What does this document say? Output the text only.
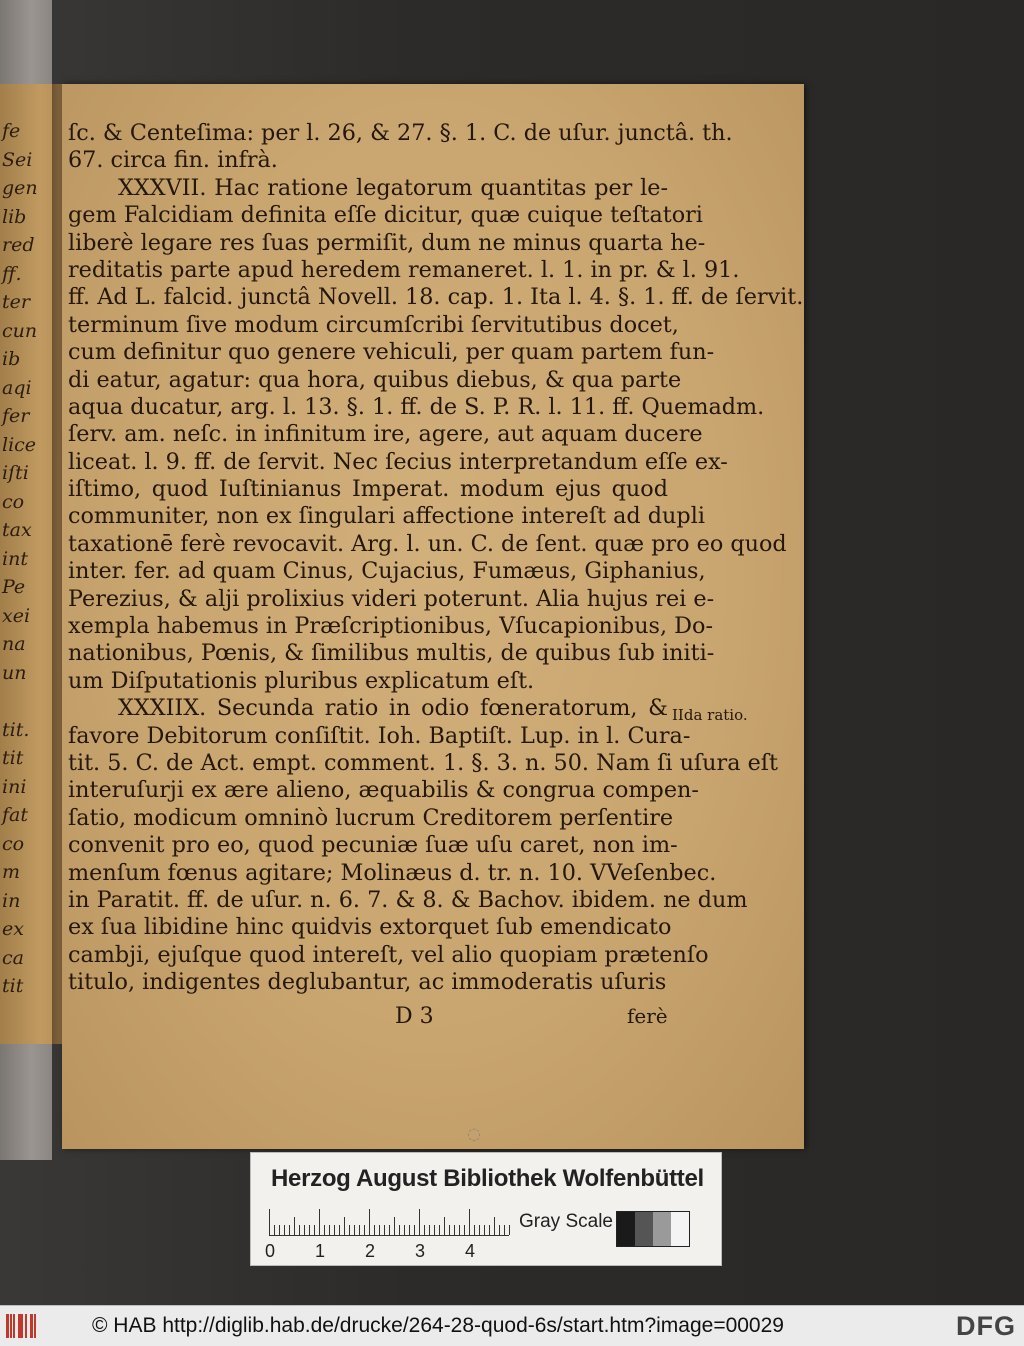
fe
Sei
gen
lib
red
ff.
ter
cun
ib
aqi
fer
lice
iſti
co
tax
int
Pe
xei
na
un
tit.
tit
ini
fat
co
m
in
ex
ca
tit
ſc. & Centeſima: per l. 26, & 27. §. 1. C. de uſur. junctâ. th.
67. circa fin. infrà.
XXXVII. Hac ratione legatorum quantitas per le-
gem Falcidiam definita eſſe dicitur, quæ cuique teſtatori
liberè legare res ſuas permiſit, dum ne minus quarta he-
reditatis parte apud heredem remaneret. l. 1. in pr. & l. 91.
ff. Ad L. falcid. junctâ Novell. 18. cap. 1. Ita l. 4. §. 1. ff. de ſervit.
terminum ſive modum circumſcribi ſervitutibus docet,
cum definitur quo genere vehiculi, per quam partem fun-
di eatur, agatur: qua hora, quibus diebus, & qua parte
aqua ducatur, arg. l. 13. §. 1. ff. de S. P. R. l. 11. ff. Quemadm.
ſerv. am. neſc. in infinitum ire, agere, aut aquam ducere
liceat. l. 9. ff. de ſervit. Nec ſecius interpretandum eſſe ex-
iſtimo, quod Iuſtinianus Imperat. modum ejus quod
communiter, non ex ſingulari affectione intereſt ad dupli
taxationē ferè revocavit. Arg. l. un. C. de ſent. quæ pro eo quod
inter. fer. ad quam Cinus, Cujacius, Fumæus, Giphanius,
Perezius, & alji prolixius videri poterunt. Alia hujus rei e-
xempla habemus in Præſcriptionibus, Vſucapionibus, Do-
nationibus, Pœnis, & ſimilibus multis, de quibus ſub initi-
um Diſputationis pluribus explicatum eſt.
XXXIIX. Secunda ratio in odio fœneratorum, &
favore Debitorum conſiſtit. Ioh. Baptiſt. Lup. in l. Cura-
tit. 5. C. de Act. empt. comment. 1. §. 3. n. 50. Nam ſi uſura eſt
interuſurji ex ære alieno, æquabilis & congrua compen-
ſatio, modicum omninò lucrum Creditorem perſentire
convenit pro eo, quod pecuniæ ſuæ uſu caret, non im-
menſum fœnus agitare; Molinæus d. tr. n. 10. VVeſenbec.
in Paratit. ff. de uſur. n. 6. 7. & 8. & Bachov. ibidem. ne dum
ex ſua libidine hinc quidvis extorquet ſub emendicato
cambji, ejuſque quod intereſt, vel alio quopiam prætenſo
titulo, indigentes deglubantur, ac immoderatis uſuris
IIda ratio.
D 3	ferè
◌
Herzog August Bibliothek Wolfenbüttel
0 1 2 3 4
Gray Scale
© HAB http://diglib.hab.de/drucke/264-28-quod-6s/start.htm?image=00029	DFG
